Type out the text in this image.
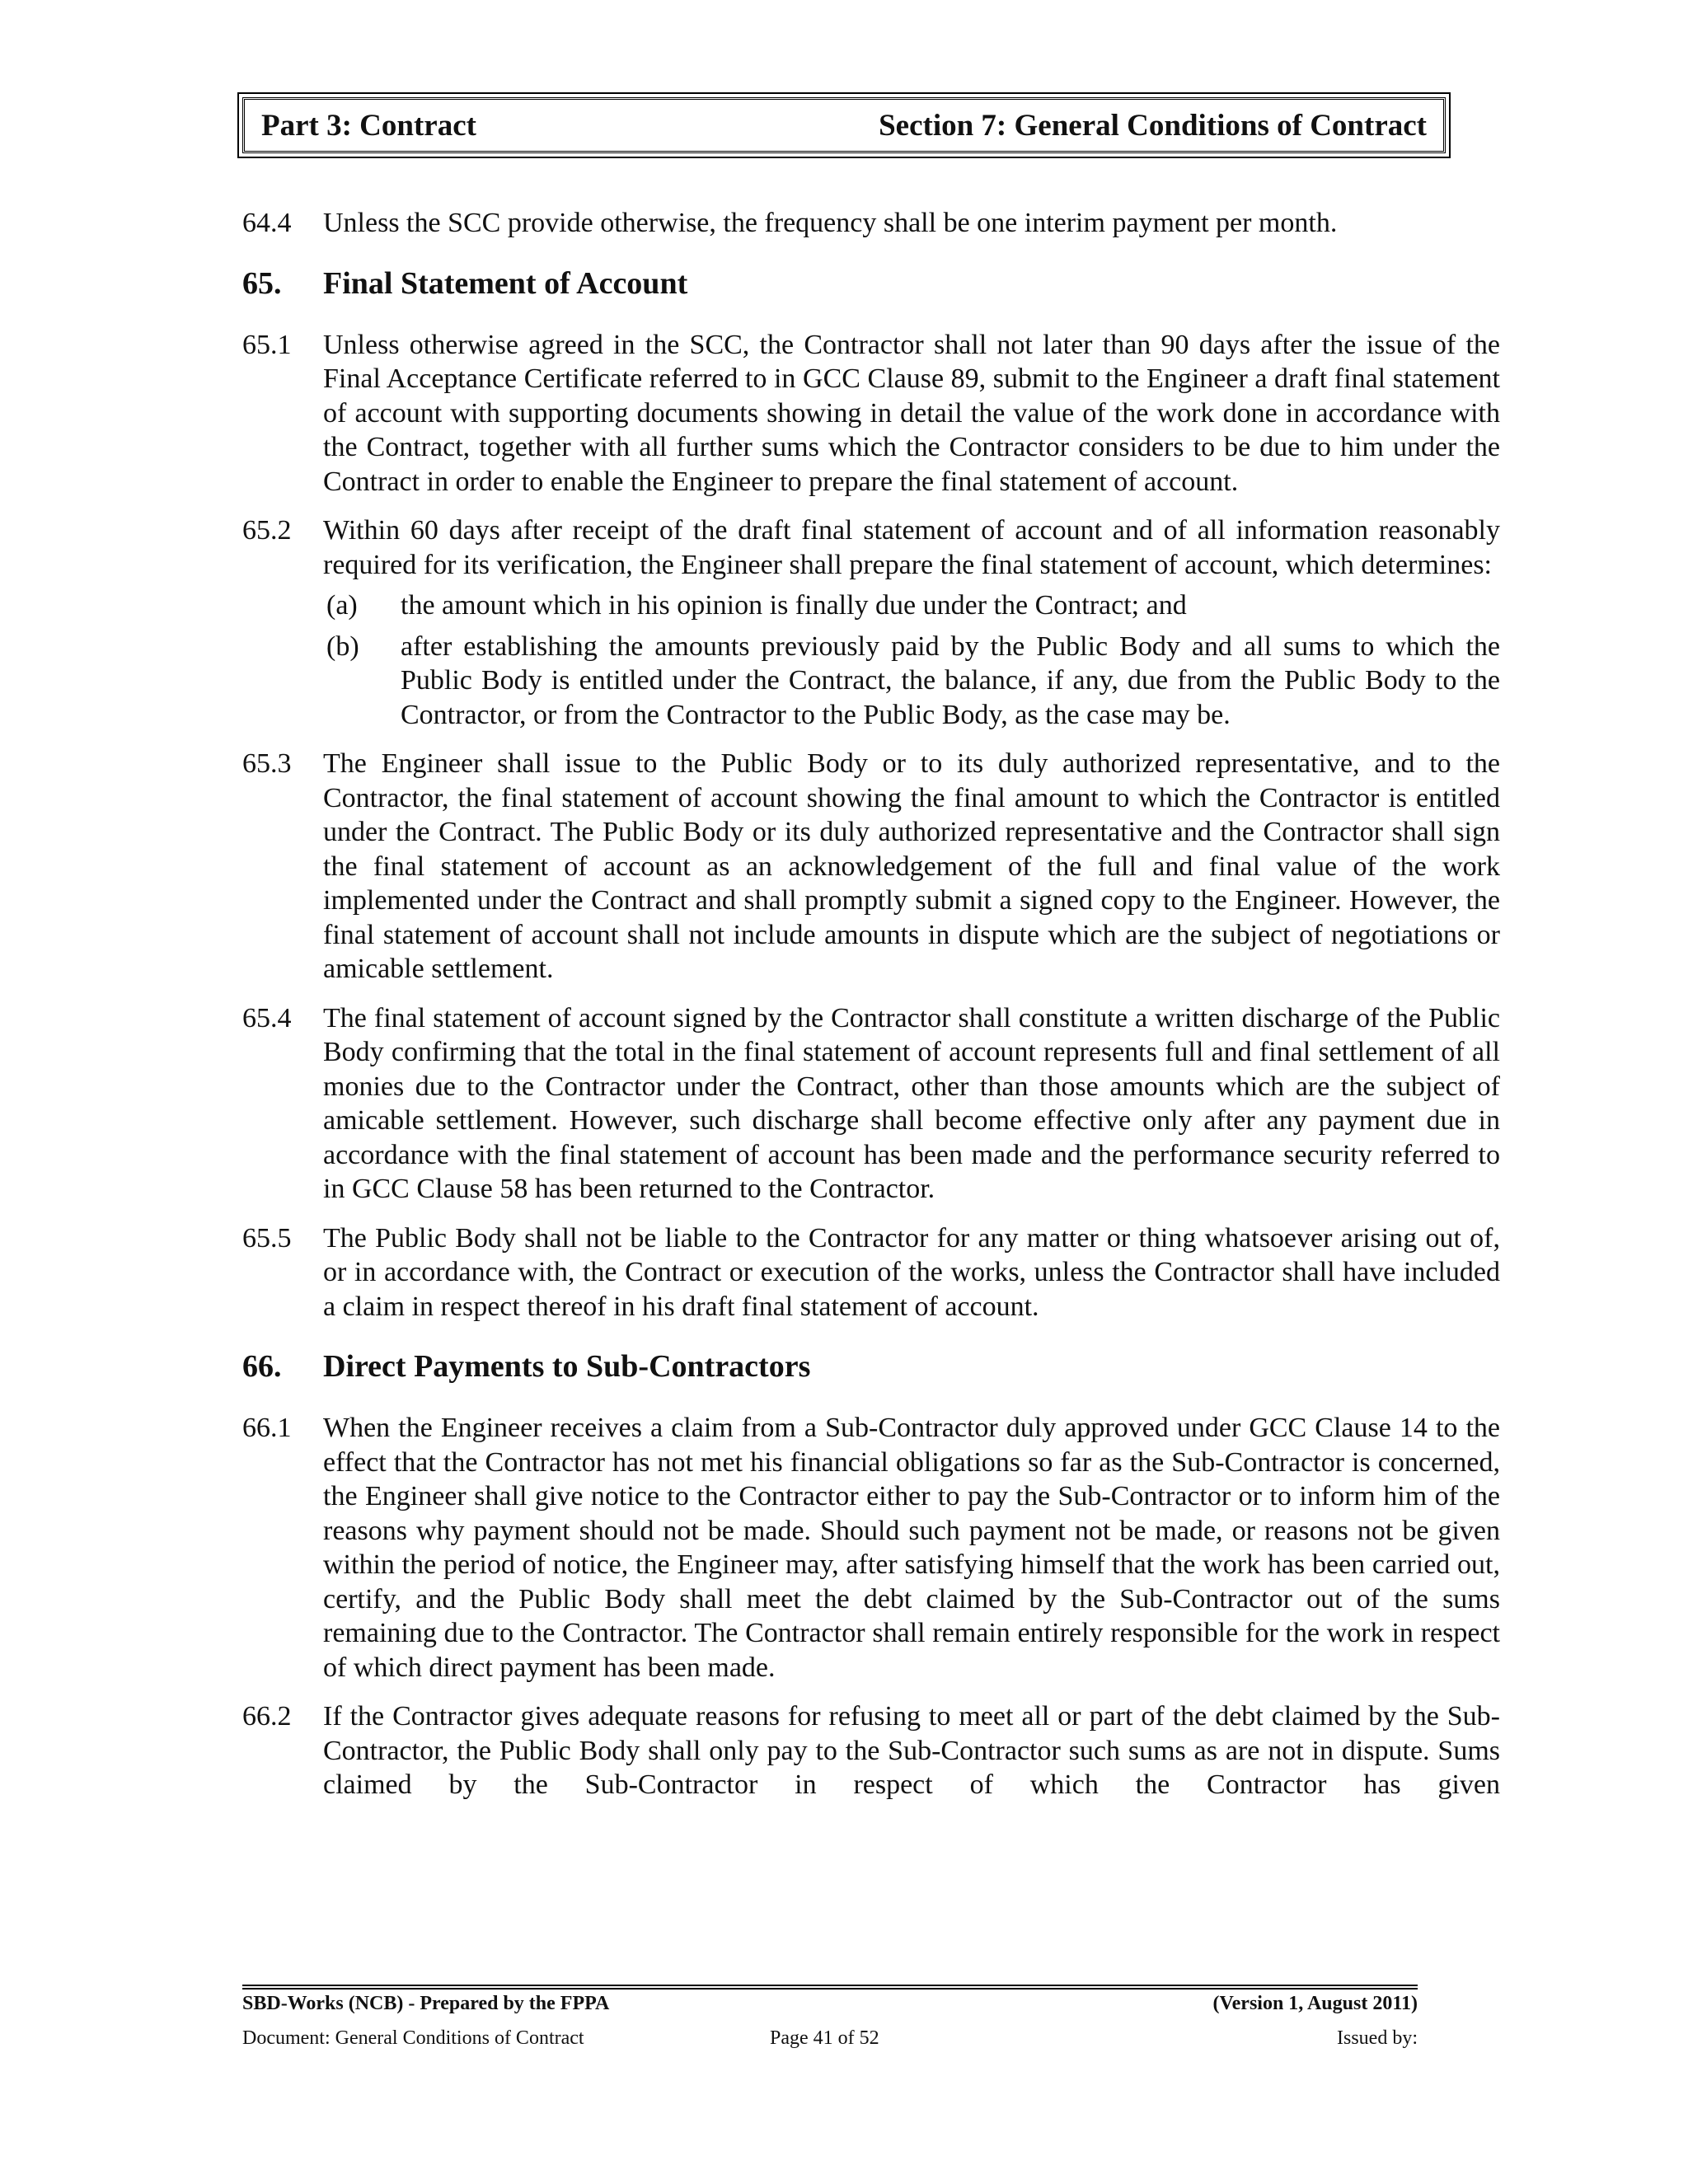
Part 3: Contract	Section 7: General Conditions of Contract
64.4	Unless the SCC provide otherwise, the frequency shall be one interim payment per month.
65.	Final Statement of Account
65.1	Unless otherwise agreed in the SCC, the Contractor shall not later than 90 days after the issue of the Final Acceptance Certificate referred to in GCC Clause 89, submit to the Engineer a draft final statement of account with supporting documents showing in detail the value of the work done in accordance with the Contract, together with all further sums which the Contractor considers to be due to him under the Contract in order to enable the Engineer to prepare the final statement of account.
65.2	Within 60 days after receipt of the draft final statement of account and of all information reasonably required for its verification, the Engineer shall prepare the final statement of account, which determines:
(a)	the amount which in his opinion is finally due under the Contract; and
(b)	after establishing the amounts previously paid by the Public Body and all sums to which the Public Body is entitled under the Contract, the balance, if any, due from the Public Body to the Contractor, or from the Contractor to the Public Body, as the case may be.
65.3	The Engineer shall issue to the Public Body or to its duly authorized representative, and to the Contractor, the final statement of account showing the final amount to which the Contractor is entitled under the Contract. The Public Body or its duly authorized representative and the Contractor shall sign the final statement of account as an acknowledgement of the full and final value of the work implemented under the Contract and shall promptly submit a signed copy to the Engineer. However, the final statement of account shall not include amounts in dispute which are the subject of negotiations or amicable settlement.
65.4	The final statement of account signed by the Contractor shall constitute a written discharge of the Public Body confirming that the total in the final statement of account represents full and final settlement of all monies due to the Contractor under the Contract, other than those amounts which are the subject of amicable settlement. However, such discharge shall become effective only after any payment due in accordance with the final statement of account has been made and the performance security referred to in GCC Clause 58 has been returned to the Contractor.
65.5	The Public Body shall not be liable to the Contractor for any matter or thing whatsoever arising out of, or in accordance with, the Contract or execution of the works, unless the Contractor shall have included a claim in respect thereof in his draft final statement of account.
66.	Direct Payments to Sub-Contractors
66.1	When the Engineer receives a claim from a Sub-Contractor duly approved under GCC Clause 14 to the effect that the Contractor has not met his financial obligations so far as the Sub-Contractor is concerned, the Engineer shall give notice to the Contractor either to pay the Sub-Contractor or to inform him of the reasons why payment should not be made. Should such payment not be made, or reasons not be given within the period of notice, the Engineer may, after satisfying himself that the work has been carried out, certify, and the Public Body shall meet the debt claimed by the Sub-Contractor out of the sums remaining due to the Contractor. The Contractor shall remain entirely responsible for the work in respect of which direct payment has been made.
66.2	If the Contractor gives adequate reasons for refusing to meet all or part of the debt claimed by the Sub-Contractor, the Public Body shall only pay to the Sub-Contractor such sums as are not in dispute. Sums claimed by the Sub-Contractor in respect of which the Contractor has given
SBD-Works (NCB) - Prepared by the FPPA	(Version 1, August 2011)
Document: General Conditions of Contract	Page 41 of 52	Issued by:
